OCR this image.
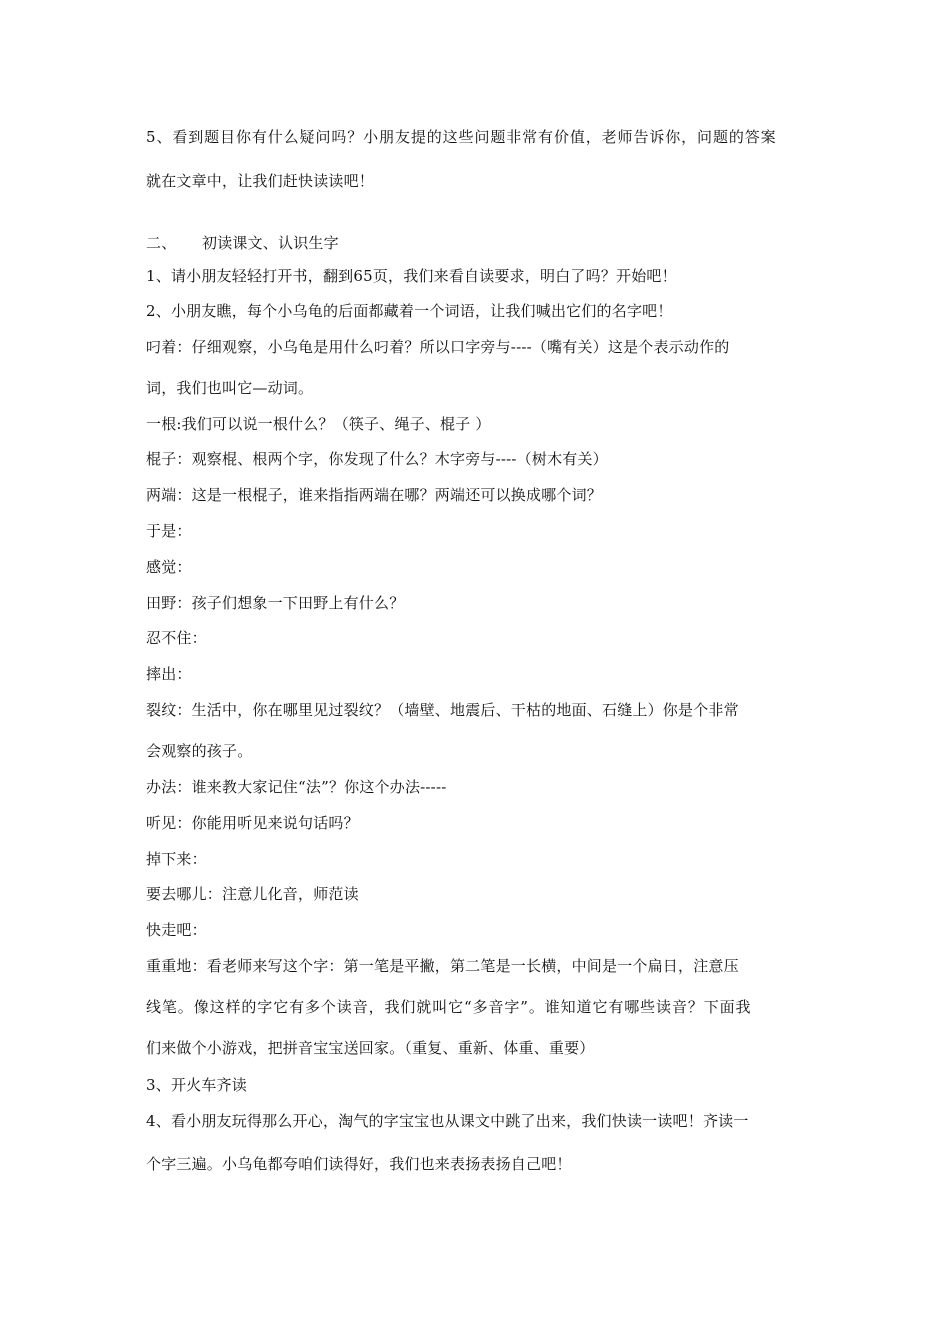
5、看到题目你有什么疑问吗？小朋友提的这些问题非常有价值，老师告诉你，问题的答案
就在文章中，让我们赶快读读吧！
二、 初读课文、认识生字
1、请小朋友轻轻打开书，翻到65页，我们来看自读要求，明白了吗？开始吧！
2、小朋友瞧，每个小乌龟的后面都藏着一个词语，让我们喊出它们的名字吧！
叼着：仔细观察，小乌龟是用什么叼着？所以口字旁与----（嘴有关）这是个表示动作的
词，我们也叫它—动词。
一根:我们可以说一根什么？（筷子、绳子、棍子 ）
棍子：观察棍、根两个字，你发现了什么？木字旁与----（树木有关）
两端：这是一根棍子，谁来指指两端在哪？两端还可以换成哪个词？
于是：
感觉：
田野：孩子们想象一下田野上有什么？
忍不住：
摔出：
裂纹：生活中，你在哪里见过裂纹？（墙壁、地震后、干枯的地面、石缝上）你是个非常
会观察的孩子。
办法：谁来教大家记住“法”？你这个办法-----
听见：你能用听见来说句话吗？
掉下来：
要去哪儿：注意儿化音，师范读
快走吧：
重重地：看老师来写这个字：第一笔是平撇，第二笔是一长横，中间是一个扁日，注意压
线笔。像这样的字它有多个读音，我们就叫它“多音字”。谁知道它有哪些读音？下面我
们来做个小游戏，把拼音宝宝送回家。（重复、重新、体重、重要）
3、开火车齐读
4、看小朋友玩得那么开心，淘气的字宝宝也从课文中跳了出来，我们快读一读吧！齐读一
个字三遍。小乌龟都夸咱们读得好，我们也来表扬表扬自己吧！
